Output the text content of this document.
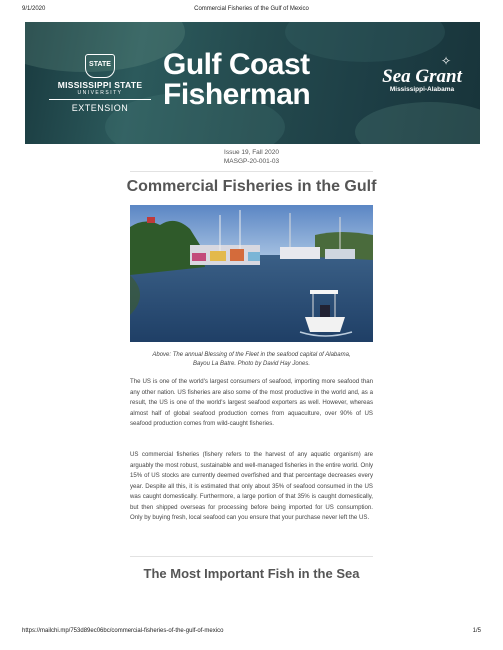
9/1/2020	Commercial Fisheries of the Gulf of Mexico
STATE
MISSISSIPPI STATE
UNIVERSITY
EXTENSION
Gulf Coast
Fisherman
✧
Sea Grant
Mississippi-Alabama
Issue 19, Fall 2020
MASGP-20-001-03
Commercial Fisheries in the Gulf
Above: The annual Blessing of the Fleet in the seafood capital of Alabama,
Bayou La Batre. Photo by David Hay Jones.

The US is one of the world's largest consumers of seafood, importing more seafood than any other nation. US fisheries are also some of the most productive in the world and, as a result, the US is one of the world's largest seafood exporters as well. However, whereas almost half of global seafood production comes from aquaculture, over 90% of US seafood production comes from wild-caught fisheries.

US commercial fisheries (fishery refers to the harvest of any aquatic organism) are arguably the most robust, sustainable and well-managed fisheries in the entire world. Only 15% of US stocks are currently deemed overfished and that percentage decreases every year. Despite all this, it is estimated that only about 35% of seafood consumed in the US was caught domestically. Furthermore, a large portion of that 35% is caught domestically, but then shipped overseas for processing before being imported for US consumption. Only by buying fresh, local seafood can you ensure that your purchase never left the US.

The Most Important Fish in the Sea
https://mailchi.mp/753d89ec06bc/commercial-fisheries-of-the-gulf-of-mexico	1/5
